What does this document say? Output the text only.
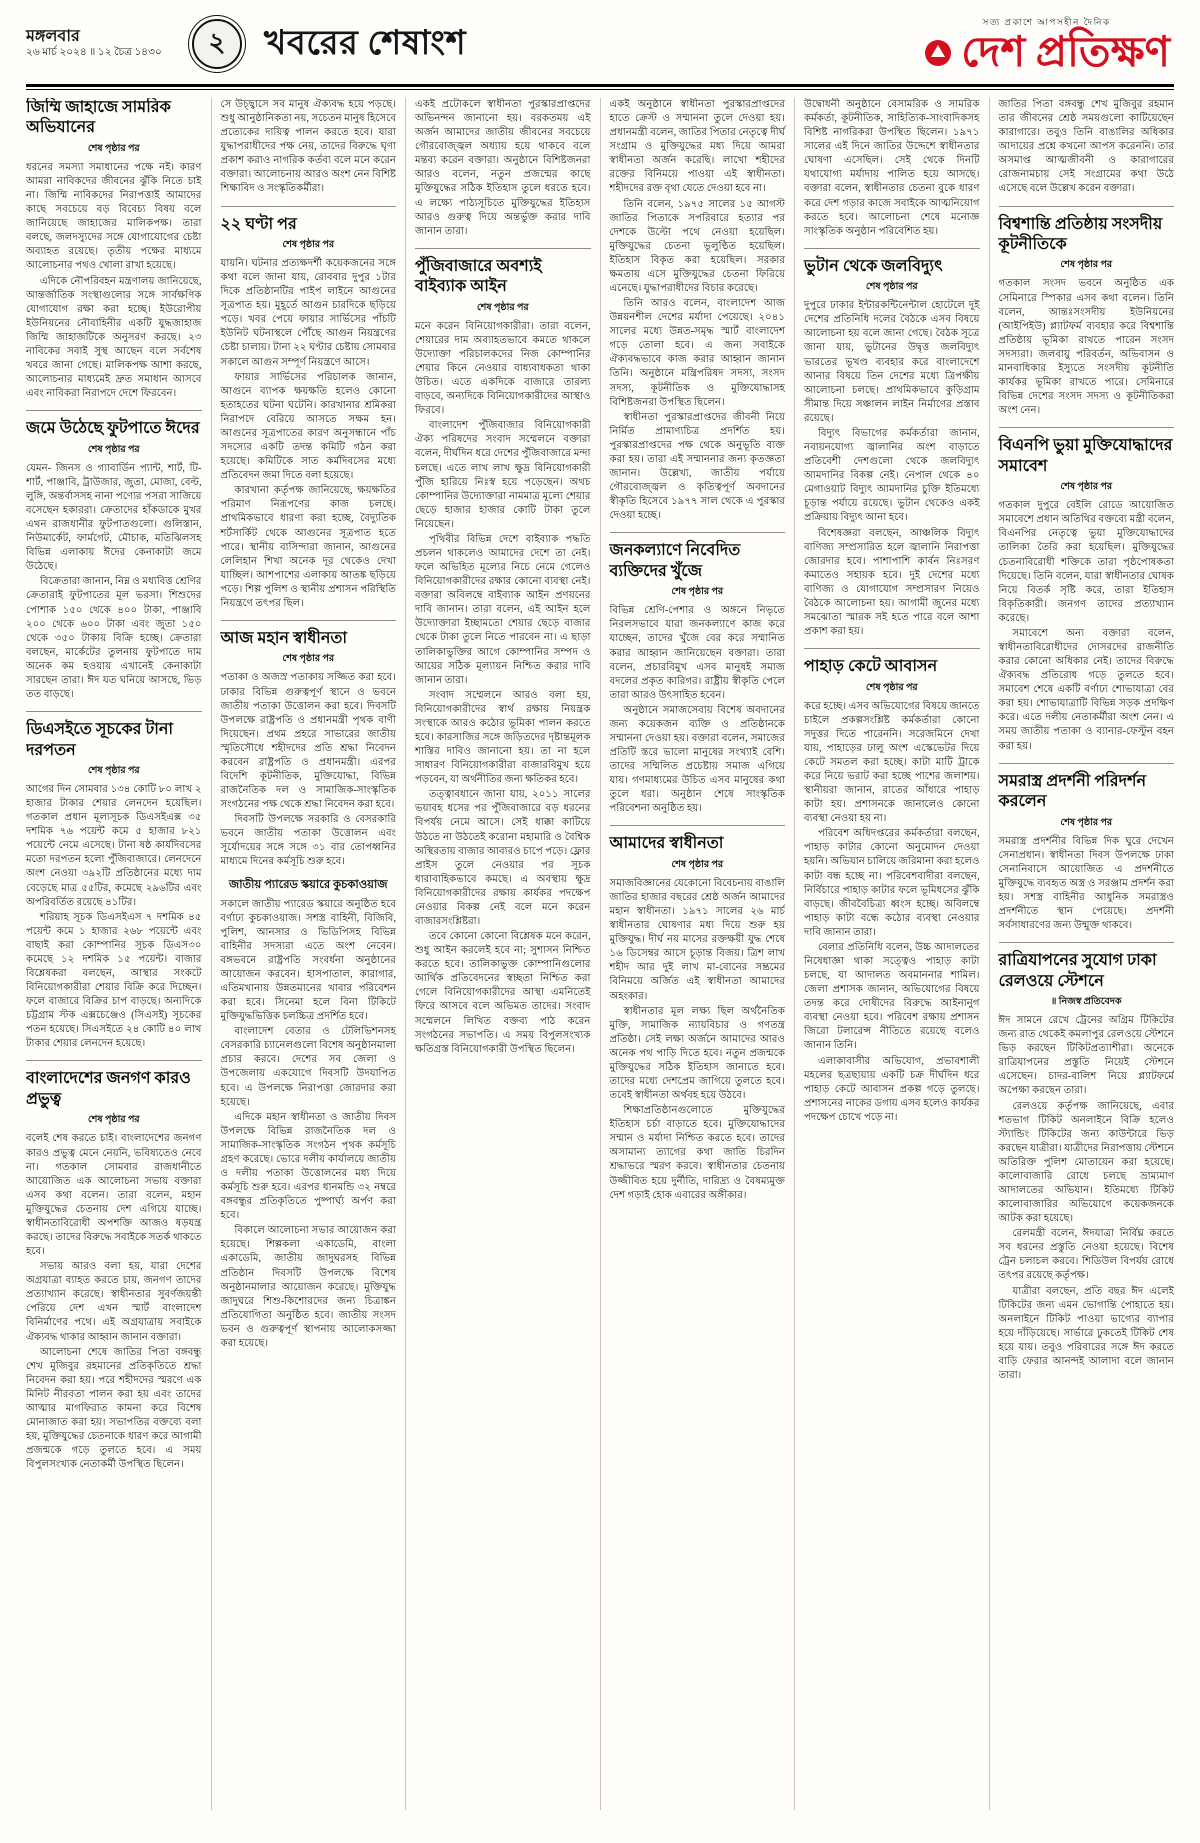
মঙ্গলবার
২৬ মার্চ ২০২৪ ॥ ১২ চৈত্র ১৪৩০	২ খবরের শেষাংশ
সত্য প্রকাশে আপসহীন দৈনিক
দেশ প্রতিক্ষণ
জিম্মি জাহাজে সামরিক অভিযানের
শেষ পৃষ্ঠার পর

ধরনের সমস্যা সমাধানের পক্ষে নই। কারণ আমরা নাবিকদের জীবনের ঝুঁকি নিতে চাই না। জিম্মি নাবিকদের নিরাপত্তাই আমাদের কাছে সবচেয়ে বড় বিবেচ্য বিষয় বলে জানিয়েছে জাহাজের মালিকপক্ষ। তারা বলছে, জলদস্যুদের সঙ্গে যোগাযোগের চেষ্টা অব্যাহত রয়েছে। তৃতীয় পক্ষের মাধ্যমে আলোচনার পথও খোলা রাখা হয়েছে।

এদিকে নৌপরিবহন মন্ত্রণালয় জানিয়েছে, আন্তর্জাতিক সংস্থাগুলোর সঙ্গে সার্বক্ষণিক যোগাযোগ রক্ষা করা হচ্ছে। ইউরোপীয় ইউনিয়নের নৌবাহিনীর একটি যুদ্ধজাহাজ জিম্মি জাহাজটিকে অনুসরণ করছে। ২৩ নাবিকের সবাই সুস্থ আছেন বলে সর্বশেষ খবরে জানা গেছে। মালিকপক্ষ আশা করছে, আলোচনার মাধ্যমেই দ্রুত সমাধান আসবে এবং নাবিকরা নিরাপদে দেশে ফিরবেন।

জমে উঠেছে ফুটপাতে ঈদের
শেষ পৃষ্ঠার পর

যেমন- জিনস ও গ্যাবার্ডিন প্যান্ট, শার্ট, টি-শার্ট, পাঞ্জাবি, ট্রাউজার, জুতা, মোজা, বেল্ট, লুঙ্গি, অন্তর্বাসসহ নানা পণ্যের পসরা সাজিয়ে বসেছেন হকাররা। ক্রেতাদের হাঁকডাকে মুখর এখন রাজধানীর ফুটপাতগুলো। গুলিস্তান, নিউমার্কেট, ফার্মগেট, মৌচাক, মতিঝিলসহ বিভিন্ন এলাকায় ঈদের কেনাকাটা জমে উঠেছে।

বিক্রেতারা জানান, নিম্ন ও মধ্যবিত্ত শ্রেণির ক্রেতারাই ফুটপাতের মূল ভরসা। শিশুদের পোশাক ১৫০ থেকে ৪০০ টাকা, পাঞ্জাবি ২০০ থেকে ৬০০ টাকা এবং জুতা ১৫০ থেকে ৩৫০ টাকায় বিক্রি হচ্ছে। ক্রেতারা বলছেন, মার্কেটের তুলনায় ফুটপাতে দাম অনেক কম হওয়ায় এখানেই কেনাকাটা সারছেন তারা। ঈদ যত ঘনিয়ে আসছে, ভিড় তত বাড়ছে।

ডিএসইতে সূচকের টানা দরপতন
শেষ পৃষ্ঠার পর

আগের দিন সোমবার ১৩৪ কোটি ৮০ লাখ ২ হাজার টাকার শেয়ার লেনদেন হয়েছিল। গতকাল প্রধান মূল্যসূচক ডিএসইএক্স ৩৫ দশমিক ৭৬ পয়েন্ট কমে ৫ হাজার ৮২১ পয়েন্টে নেমে এসেছে। টানা ষষ্ঠ কার্যদিবসের মতো দরপতন হলো পুঁজিবাজারে। লেনদেনে অংশ নেওয়া ৩৯২টি প্রতিষ্ঠানের মধ্যে দাম বেড়েছে মাত্র ৫৫টির, কমেছে ২৯৬টির এবং অপরিবর্তিত রয়েছে ৪১টির।

শরিয়াহ সূচক ডিএসইএস ৭ দশমিক ৪৫ পয়েন্ট কমে ১ হাজার ২৬৮ পয়েন্টে এবং বাছাই করা কোম্পানির সূচক ডিএস৩০ কমেছে ১২ দশমিক ১৫ পয়েন্ট। বাজার বিশ্লেষকরা বলছেন, আস্থার সংকটে বিনিয়োগকারীরা শেয়ার বিক্রি করে দিচ্ছেন। ফলে বাজারে বিক্রির চাপ বাড়ছে। অন্যদিকে চট্টগ্রাম স্টক এক্সচেঞ্জেও (সিএসই) সূচকের পতন হয়েছে। সিএসইতে ২৪ কোটি ৪০ লাখ টাকার শেয়ার লেনদেন হয়েছে।

বাংলাদেশের জনগণ কারও প্রভুত্ব
শেষ পৃষ্ঠার পর

বলেই শেষ করতে চাই। বাংলাদেশের জনগণ কারও প্রভুত্ব মেনে নেয়নি, ভবিষ্যতেও নেবে না। গতকাল সোমবার রাজধানীতে আয়োজিত এক আলোচনা সভায় বক্তারা এসব কথা বলেন। তারা বলেন, মহান মুক্তিযুদ্ধের চেতনায় দেশ এগিয়ে যাচ্ছে। স্বাধীনতাবিরোধী অপশক্তি আজও ষড়যন্ত্র করছে। তাদের বিরুদ্ধে সবাইকে সতর্ক থাকতে হবে।

সভায় আরও বলা হয়, যারা দেশের অগ্রযাত্রা ব্যাহত করতে চায়, জনগণ তাদের প্রত্যাখ্যান করেছে। স্বাধীনতার সুবর্ণজয়ন্তী পেরিয়ে দেশ এখন স্মার্ট বাংলাদেশ বিনির্মাণের পথে। এই অগ্রযাত্রায় সবাইকে ঐক্যবদ্ধ থাকার আহ্বান জানান বক্তারা।

আলোচনা শেষে জাতির পিতা বঙ্গবন্ধু শেখ মুজিবুর রহমানের প্রতিকৃতিতে শ্রদ্ধা নিবেদন করা হয়। পরে শহীদদের স্মরণে এক মিনিট নীরবতা পালন করা হয় এবং তাদের আত্মার মাগফিরাত কামনা করে বিশেষ মোনাজাত করা হয়। সভাপতির বক্তব্যে বলা হয়, মুক্তিযুদ্ধের চেতনাকে ধারণ করে আগামী প্রজন্মকে গড়ে তুলতে হবে। এ সময় বিপুলসংখ্যক নেতাকর্মী উপস্থিত ছিলেন।

সে উচ্ছ্বাসে সব মানুষ ঐক্যবদ্ধ হয়ে পড়ছে। শুধু আনুষ্ঠানিকতা নয়, সচেতন মানুষ হিসেবে প্রত্যেকের দায়িত্ব পালন করতে হবে। যারা যুদ্ধাপরাধীদের পক্ষ নেয়, তাদের বিরুদ্ধে ঘৃণা প্রকাশ করাও নাগরিক কর্তব্য বলে মনে করেন বক্তারা। আলোচনায় আরও অংশ নেন বিশিষ্ট শিক্ষাবিদ ও সংস্কৃতিকর্মীরা।

২২ ঘণ্টা পর
শেষ পৃষ্ঠার পর

যায়নি। ঘটনার প্রত্যক্ষদর্শী কয়েকজনের সঙ্গে কথা বলে জানা যায়, রোববার দুপুর ১টার দিকে প্রতিষ্ঠানটির পাইপ লাইনে আগুনের সূত্রপাত হয়। মুহূর্তে আগুন চারদিকে ছড়িয়ে পড়ে। খবর পেয়ে ফায়ার সার্ভিসের পাঁচটি ইউনিট ঘটনাস্থলে পৌঁছে আগুন নিয়ন্ত্রণের চেষ্টা চালায়। টানা ২২ ঘণ্টার চেষ্টায় সোমবার সকালে আগুন সম্পূর্ণ নিয়ন্ত্রণে আসে।

ফায়ার সার্ভিসের পরিচালক জানান, আগুনে ব্যাপক ক্ষয়ক্ষতি হলেও কোনো হতাহতের ঘটনা ঘটেনি। কারখানার শ্রমিকরা নিরাপদে বেরিয়ে আসতে সক্ষম হন। আগুনের সূত্রপাতের কারণ অনুসন্ধানে পাঁচ সদস্যের একটি তদন্ত কমিটি গঠন করা হয়েছে। কমিটিকে সাত কর্মদিবসের মধ্যে প্রতিবেদন জমা দিতে বলা হয়েছে।

কারখানা কর্তৃপক্ষ জানিয়েছে, ক্ষয়ক্ষতির পরিমাণ নিরূপণের কাজ চলছে। প্রাথমিকভাবে ধারণা করা হচ্ছে, বৈদ্যুতিক শর্টসার্কিট থেকে আগুনের সূত্রপাত হতে পারে। স্থানীয় বাসিন্দারা জানান, আগুনের লেলিহান শিখা অনেক দূর থেকেও দেখা যাচ্ছিল। আশপাশের এলাকায় আতঙ্ক ছড়িয়ে পড়ে। শিল্প পুলিশ ও স্থানীয় প্রশাসন পরিস্থিতি নিয়ন্ত্রণে তৎপর ছিল।

আজ মহান স্বাধীনতা
শেষ পৃষ্ঠার পর

পতাকা ও অজস্র পতাকায় সজ্জিত করা হবে। ঢাকার বিভিন্ন গুরুত্বপূর্ণ স্থানে ও ভবনে জাতীয় পতাকা উত্তোলন করা হবে। দিবসটি উপলক্ষে রাষ্ট্রপতি ও প্রধানমন্ত্রী পৃথক বাণী দিয়েছেন। প্রথম প্রহরে সাভারের জাতীয় স্মৃতিসৌধে শহীদদের প্রতি শ্রদ্ধা নিবেদন করবেন রাষ্ট্রপতি ও প্রধানমন্ত্রী। এরপর বিদেশি কূটনীতিক, মুক্তিযোদ্ধা, বিভিন্ন রাজনৈতিক দল ও সামাজিক-সাংস্কৃতিক সংগঠনের পক্ষ থেকে শ্রদ্ধা নিবেদন করা হবে।

দিবসটি উপলক্ষে সরকারি ও বেসরকারি ভবনে জাতীয় পতাকা উত্তোলন এবং সূর্যোদয়ের সঙ্গে সঙ্গে ৩১ বার তোপধ্বনির মাধ্যমে দিনের কর্মসূচি শুরু হবে।

জাতীয় প্যারেড স্কয়ারে কুচকাওয়াজ

সকালে জাতীয় প্যারেড স্কয়ারে অনুষ্ঠিত হবে বর্ণাঢ্য কুচকাওয়াজ। সশস্ত্র বাহিনী, বিজিবি, পুলিশ, আনসার ও ভিডিপিসহ বিভিন্ন বাহিনীর সদস্যরা এতে অংশ নেবেন। বঙ্গভবনে রাষ্ট্রপতি সংবর্ধনা অনুষ্ঠানের আয়োজন করবেন। হাসপাতাল, কারাগার, এতিমখানায় উন্নতমানের খাবার পরিবেশন করা হবে। সিনেমা হলে বিনা টিকিটে মুক্তিযুদ্ধভিত্তিক চলচ্চিত্র প্রদর্শিত হবে।

বাংলাদেশ বেতার ও টেলিভিশনসহ বেসরকারি চ্যানেলগুলো বিশেষ অনুষ্ঠানমালা প্রচার করবে। দেশের সব জেলা ও উপজেলায় একযোগে দিবসটি উদযাপিত হবে। এ উপলক্ষে নিরাপত্তা জোরদার করা হয়েছে।

এদিকে মহান স্বাধীনতা ও জাতীয় দিবস উপলক্ষে বিভিন্ন রাজনৈতিক দল ও সামাজিক-সাংস্কৃতিক সংগঠন পৃথক কর্মসূচি গ্রহণ করেছে। ভোরে দলীয় কার্যালয়ে জাতীয় ও দলীয় পতাকা উত্তোলনের মধ্য দিয়ে কর্মসূচি শুরু হবে। এরপর ধানমন্ডি ৩২ নম্বরে বঙ্গবন্ধুর প্রতিকৃতিতে পুষ্পার্ঘ্য অর্পণ করা হবে।

বিকালে আলোচনা সভার আয়োজন করা হয়েছে। শিল্পকলা একাডেমি, বাংলা একাডেমি, জাতীয় জাদুঘরসহ বিভিন্ন প্রতিষ্ঠান দিবসটি উপলক্ষে বিশেষ অনুষ্ঠানমালার আয়োজন করেছে। মুক্তিযুদ্ধ জাদুঘরে শিশু-কিশোরদের জন্য চিত্রাঙ্কন প্রতিযোগিতা অনুষ্ঠিত হবে। জাতীয় সংসদ ভবন ও গুরুত্বপূর্ণ স্থাপনায় আলোকসজ্জা করা হয়েছে।

একই প্রটোকলে স্বাধীনতা পুরস্কারপ্রাপ্তদের অভিনন্দন জানানো হয়। বরকতময় এই অর্জন আমাদের জাতীয় জীবনের সবচেয়ে গৌরবোজ্জ্বল অধ্যায় হয়ে থাকবে বলে মন্তব্য করেন বক্তারা। অনুষ্ঠানে বিশিষ্টজনরা আরও বলেন, নতুন প্রজন্মের কাছে মুক্তিযুদ্ধের সঠিক ইতিহাস তুলে ধরতে হবে। এ লক্ষ্যে পাঠ্যসূচিতে মুক্তিযুদ্ধের ইতিহাস আরও গুরুত্ব দিয়ে অন্তর্ভুক্ত করার দাবি জানান তারা।

পুঁজিবাজারে অবশ্যই বাইব্যাক আইন
শেষ পৃষ্ঠার পর

মনে করেন বিনিয়োগকারীরা। তারা বলেন, শেয়ারের দাম অব্যাহতভাবে কমতে থাকলে উদ্যোক্তা পরিচালকদের নিজ কোম্পানির শেয়ার কিনে নেওয়ার বাধ্যবাধকতা থাকা উচিত। এতে একদিকে বাজারে তারল্য বাড়বে, অন্যদিকে বিনিয়োগকারীদের আস্থাও ফিরবে।

বাংলাদেশ পুঁজিবাজার বিনিয়োগকারী ঐক্য পরিষদের সংবাদ সম্মেলনে বক্তারা বলেন, দীর্ঘদিন ধরে দেশের পুঁজিবাজারে মন্দা চলছে। এতে লাখ লাখ ক্ষুদ্র বিনিয়োগকারী পুঁজি হারিয়ে নিঃস্ব হয়ে পড়েছেন। অথচ কোম্পানির উদ্যোক্তারা নামমাত্র মূল্যে শেয়ার ছেড়ে হাজার হাজার কোটি টাকা তুলে নিয়েছেন।

পৃথিবীর বিভিন্ন দেশে বাইব্যাক পদ্ধতি প্রচলন থাকলেও আমাদের দেশে তা নেই। ফলে অভিহিত মূল্যের নিচে নেমে গেলেও বিনিয়োগকারীদের রক্ষার কোনো ব্যবস্থা নেই। বক্তারা অবিলম্বে বাইব্যাক আইন প্রণয়নের দাবি জানান। তারা বলেন, এই আইন হলে উদ্যোক্তারা ইচ্ছামতো শেয়ার ছেড়ে বাজার থেকে টাকা তুলে নিতে পারবেন না। এ ছাড়া তালিকাভুক্তির আগে কোম্পানির সম্পদ ও আয়ের সঠিক মূল্যায়ন নিশ্চিত করার দাবি জানান তারা।

সংবাদ সম্মেলনে আরও বলা হয়, বিনিয়োগকারীদের স্বার্থ রক্ষায় নিয়ন্ত্রক সংস্থাকে আরও কঠোর ভূমিকা পালন করতে হবে। কারসাজির সঙ্গে জড়িতদের দৃষ্টান্তমূলক শাস্তির দাবিও জানানো হয়। তা না হলে সাধারণ বিনিয়োগকারীরা বাজারবিমুখ হয়ে পড়বেন, যা অর্থনীতির জন্য ক্ষতিকর হবে।

তত্ত্বাবধানে জানা যায়, ২০১১ সালের ভয়াবহ ধসের পর পুঁজিবাজারে বড় ধরনের বিপর্যয় নেমে আসে। সেই ধাক্কা কাটিয়ে উঠতে না উঠতেই করোনা মহামারি ও বৈশ্বিক অস্থিরতায় বাজার আবারও চাপে পড়ে। ফ্লোর প্রাইস তুলে নেওয়ার পর সূচক ধারাবাহিকভাবে কমছে। এ অবস্থায় ক্ষুদ্র বিনিয়োগকারীদের রক্ষায় কার্যকর পদক্ষেপ নেওয়ার বিকল্প নেই বলে মনে করেন বাজারসংশ্লিষ্টরা।

তবে কোনো কোনো বিশ্লেষক মনে করেন, শুধু আইন করলেই হবে না; সুশাসন নিশ্চিত করতে হবে। তালিকাভুক্ত কোম্পানিগুলোর আর্থিক প্রতিবেদনের স্বচ্ছতা নিশ্চিত করা গেলে বিনিয়োগকারীদের আস্থা এমনিতেই ফিরে আসবে বলে অভিমত তাদের। সংবাদ সম্মেলনে লিখিত বক্তব্য পাঠ করেন সংগঠনের সভাপতি। এ সময় বিপুলসংখ্যক ক্ষতিগ্রস্ত বিনিয়োগকারী উপস্থিত ছিলেন।

একই অনুষ্ঠানে স্বাধীনতা পুরস্কারপ্রাপ্তদের হাতে ক্রেস্ট ও সম্মাননা তুলে দেওয়া হয়। প্রধানমন্ত্রী বলেন, জাতির পিতার নেতৃত্বে দীর্ঘ সংগ্রাম ও মুক্তিযুদ্ধের মধ্য দিয়ে আমরা স্বাধীনতা অর্জন করেছি। লাখো শহীদের রক্তের বিনিময়ে পাওয়া এই স্বাধীনতা। শহীদদের রক্ত বৃথা যেতে দেওয়া হবে না।

তিনি বলেন, ১৯৭৫ সালের ১৫ আগস্ট জাতির পিতাকে সপরিবারে হত্যার পর দেশকে উল্টো পথে নেওয়া হয়েছিল। মুক্তিযুদ্ধের চেতনা ভূলুণ্ঠিত হয়েছিল। ইতিহাস বিকৃত করা হয়েছিল। সরকার ক্ষমতায় এসে মুক্তিযুদ্ধের চেতনা ফিরিয়ে এনেছে। যুদ্ধাপরাধীদের বিচার করেছে।

তিনি আরও বলেন, বাংলাদেশ আজ উন্নয়নশীল দেশের মর্যাদা পেয়েছে। ২০৪১ সালের মধ্যে উন্নত-সমৃদ্ধ স্মার্ট বাংলাদেশ গড়ে তোলা হবে। এ জন্য সবাইকে ঐক্যবদ্ধভাবে কাজ করার আহ্বান জানান তিনি। অনুষ্ঠানে মন্ত্রিপরিষদ সদস্য, সংসদ সদস্য, কূটনীতিক ও মুক্তিযোদ্ধাসহ বিশিষ্টজনরা উপস্থিত ছিলেন।

স্বাধীনতা পুরস্কারপ্রাপ্তদের জীবনী নিয়ে নির্মিত প্রামাণ্যচিত্র প্রদর্শিত হয়। পুরস্কারপ্রাপ্তদের পক্ষ থেকে অনুভূতি ব্যক্ত করা হয়। তারা এই সম্মাননার জন্য কৃতজ্ঞতা জানান। উল্লেখ্য, জাতীয় পর্যায়ে গৌরবোজ্জ্বল ও কৃতিত্বপূর্ণ অবদানের স্বীকৃতি হিসেবে ১৯৭৭ সাল থেকে এ পুরস্কার দেওয়া হচ্ছে।

জনকল্যাণে নিবেদিত ব্যক্তিদের খুঁজে
শেষ পৃষ্ঠার পর

বিভিন্ন শ্রেণি-পেশার ও অঙ্গনে নিভৃতে নিরলসভাবে যারা জনকল্যাণে কাজ করে যাচ্ছেন, তাদের খুঁজে বের করে সম্মানিত করার আহ্বান জানিয়েছেন বক্তারা। তারা বলেন, প্রচারবিমুখ এসব মানুষই সমাজ বদলের প্রকৃত কারিগর। রাষ্ট্রীয় স্বীকৃতি পেলে তারা আরও উৎসাহিত হবেন।

অনুষ্ঠানে সমাজসেবায় বিশেষ অবদানের জন্য কয়েকজন ব্যক্তি ও প্রতিষ্ঠানকে সম্মাননা দেওয়া হয়। বক্তারা বলেন, সমাজের প্রতিটি স্তরে ভালো মানুষের সংখ্যাই বেশি। তাদের সম্মিলিত প্রচেষ্টায় সমাজ এগিয়ে যায়। গণমাধ্যমের উচিত এসব মানুষের কথা তুলে ধরা। অনুষ্ঠান শেষে সাংস্কৃতিক পরিবেশনা অনুষ্ঠিত হয়।

আমাদের স্বাধীনতা
শেষ পৃষ্ঠার পর

সমাজবিজ্ঞানের যেকোনো বিবেচনায় বাঙালি জাতির হাজার বছরের শ্রেষ্ঠ অর্জন আমাদের মহান স্বাধীনতা। ১৯৭১ সালের ২৬ মার্চ স্বাধীনতার ঘোষণার মধ্য দিয়ে শুরু হয় মুক্তিযুদ্ধ। দীর্ঘ নয় মাসের রক্তক্ষয়ী যুদ্ধ শেষে ১৬ ডিসেম্বর আসে চূড়ান্ত বিজয়। ত্রিশ লাখ শহীদ আর দুই লাখ মা-বোনের সম্ভ্রমের বিনিময়ে অর্জিত এই স্বাধীনতা আমাদের অহংকার।

স্বাধীনতার মূল লক্ষ্য ছিল অর্থনৈতিক মুক্তি, সামাজিক ন্যায়বিচার ও গণতন্ত্র প্রতিষ্ঠা। সেই লক্ষ্য অর্জনে আমাদের আরও অনেক পথ পাড়ি দিতে হবে। নতুন প্রজন্মকে মুক্তিযুদ্ধের সঠিক ইতিহাস জানাতে হবে। তাদের মধ্যে দেশপ্রেম জাগিয়ে তুলতে হবে। তবেই স্বাধীনতা অর্থবহ হয়ে উঠবে।

শিক্ষাপ্রতিষ্ঠানগুলোতে মুক্তিযুদ্ধের ইতিহাস চর্চা বাড়াতে হবে। মুক্তিযোদ্ধাদের সম্মান ও মর্যাদা নিশ্চিত করতে হবে। তাদের অসামান্য ত্যাগের কথা জাতি চিরদিন শ্রদ্ধাভরে স্মরণ করবে। স্বাধীনতার চেতনায় উজ্জীবিত হয়ে দুর্নীতি, দারিদ্র্য ও বৈষম্যমুক্ত দেশ গড়াই হোক এবারের অঙ্গীকার।

উদ্বোধনী অনুষ্ঠানে বেসামরিক ও সামরিক কর্মকর্তা, কূটনীতিক, সাহিত্যিক-সাংবাদিকসহ বিশিষ্ট নাগরিকরা উপস্থিত ছিলেন। ১৯৭১ সালের এই দিনে জাতির উদ্দেশে স্বাধীনতার ঘোষণা এসেছিল। সেই থেকে দিনটি যথাযোগ্য মর্যাদায় পালিত হয়ে আসছে। বক্তারা বলেন, স্বাধীনতার চেতনা বুকে ধারণ করে দেশ গড়ার কাজে সবাইকে আত্মনিয়োগ করতে হবে। আলোচনা শেষে মনোজ্ঞ সাংস্কৃতিক অনুষ্ঠান পরিবেশিত হয়।

ভুটান থেকে জলবিদ্যুৎ
শেষ পৃষ্ঠার পর

দুপুরে ঢাকার ইন্টারকন্টিনেন্টাল হোটেলে দুই দেশের প্রতিনিধি দলের বৈঠকে এসব বিষয়ে আলোচনা হয় বলে জানা গেছে। বৈঠক সূত্রে জানা যায়, ভুটানের উদ্বৃত্ত জলবিদ্যুৎ ভারতের ভূখণ্ড ব্যবহার করে বাংলাদেশে আনার বিষয়ে তিন দেশের মধ্যে ত্রিপক্ষীয় আলোচনা চলছে। প্রাথমিকভাবে কুড়িগ্রাম সীমান্ত দিয়ে সঞ্চালন লাইন নির্মাণের প্রস্তাব রয়েছে।

বিদ্যুৎ বিভাগের কর্মকর্তারা জানান, নবায়নযোগ্য জ্বালানির অংশ বাড়াতে প্রতিবেশী দেশগুলো থেকে জলবিদ্যুৎ আমদানির বিকল্প নেই। নেপাল থেকে ৪০ মেগাওয়াট বিদ্যুৎ আমদানির চুক্তি ইতিমধ্যে চূড়ান্ত পর্যায়ে রয়েছে। ভুটান থেকেও একই প্রক্রিয়ায় বিদ্যুৎ আনা হবে।

বিশেষজ্ঞরা বলছেন, আঞ্চলিক বিদ্যুৎ বাণিজ্য সম্প্রসারিত হলে জ্বালানি নিরাপত্তা জোরদার হবে। পাশাপাশি কার্বন নিঃসরণ কমাতেও সহায়ক হবে। দুই দেশের মধ্যে বাণিজ্য ও যোগাযোগ সম্প্রসারণ নিয়েও বৈঠকে আলোচনা হয়। আগামী জুনের মধ্যে সমঝোতা স্মারক সই হতে পারে বলে আশা প্রকাশ করা হয়।

পাহাড় কেটে আবাসন
শেষ পৃষ্ঠার পর

করে হচ্ছে। এসব অভিযোগের বিষয়ে জানতে চাইলে প্রকল্পসংশ্লিষ্ট কর্মকর্তারা কোনো সদুত্তর দিতে পারেননি। সরেজমিনে দেখা যায়, পাহাড়ের ঢালু অংশ এস্কেভেটর দিয়ে কেটে সমতল করা হচ্ছে। কাটা মাটি ট্রাকে করে নিয়ে ভরাট করা হচ্ছে পাশের জলাশয়। স্থানীয়রা জানান, রাতের আঁধারে পাহাড় কাটা হয়। প্রশাসনকে জানালেও কোনো ব্যবস্থা নেওয়া হয় না।

পরিবেশ অধিদপ্তরের কর্মকর্তারা বলছেন, পাহাড় কাটার কোনো অনুমোদন দেওয়া হয়নি। অভিযান চালিয়ে জরিমানা করা হলেও কাটা বন্ধ হচ্ছে না। পরিবেশবাদীরা বলছেন, নির্বিচারে পাহাড় কাটার ফলে ভূমিধসের ঝুঁকি বাড়ছে। জীববৈচিত্র্য ধ্বংস হচ্ছে। অবিলম্বে পাহাড় কাটা বন্ধে কঠোর ব্যবস্থা নেওয়ার দাবি জানান তারা।

বেলার প্রতিনিধি বলেন, উচ্চ আদালতের নিষেধাজ্ঞা থাকা সত্ত্বেও পাহাড় কাটা চলছে, যা আদালত অবমাননার শামিল। জেলা প্রশাসক জানান, অভিযোগের বিষয়ে তদন্ত করে দোষীদের বিরুদ্ধে আইনানুগ ব্যবস্থা নেওয়া হবে। পরিবেশ রক্ষায় প্রশাসন জিরো টলারেন্স নীতিতে রয়েছে বলেও জানান তিনি।

এলাকাবাসীর অভিযোগ, প্রভাবশালী মহলের ছত্রছায়ায় একটি চক্র দীর্ঘদিন ধরে পাহাড় কেটে আবাসন প্রকল্প গড়ে তুলছে। প্রশাসনের নাকের ডগায় এসব হলেও কার্যকর পদক্ষেপ চোখে পড়ে না।

জাতির পিতা বঙ্গবন্ধু শেখ মুজিবুর রহমান তার জীবনের শ্রেষ্ঠ সময়গুলো কাটিয়েছেন কারাগারে। তবুও তিনি বাঙালির অধিকার আদায়ের প্রশ্নে কখনো আপস করেননি। তার অসমাপ্ত আত্মজীবনী ও কারাগারের রোজনামচায় সেই সংগ্রামের কথা উঠে এসেছে বলে উল্লেখ করেন বক্তারা।

বিশ্বশান্তি প্রতিষ্ঠায় সংসদীয় কূটনীতিকে
শেষ পৃষ্ঠার পর

গতকাল সংসদ ভবনে অনুষ্ঠিত এক সেমিনারে স্পিকার এসব কথা বলেন। তিনি বলেন, আন্তঃসংসদীয় ইউনিয়নের (আইপিইউ) প্ল্যাটফর্ম ব্যবহার করে বিশ্বশান্তি প্রতিষ্ঠায় ভূমিকা রাখতে পারেন সংসদ সদস্যরা। জলবায়ু পরিবর্তন, অভিবাসন ও মানবাধিকার ইস্যুতে সংসদীয় কূটনীতি কার্যকর ভূমিকা রাখতে পারে। সেমিনারে বিভিন্ন দেশের সংসদ সদস্য ও কূটনীতিকরা অংশ নেন।

বিএনপি ভুয়া মুক্তিযোদ্ধাদের সমাবেশ
শেষ পৃষ্ঠার পর

গতকাল দুপুরে বেইলি রোডে আয়োজিত সমাবেশে প্রধান অতিথির বক্তব্যে মন্ত্রী বলেন, বিএনপির নেতৃত্বে ভুয়া মুক্তিযোদ্ধাদের তালিকা তৈরি করা হয়েছিল। মুক্তিযুদ্ধের চেতনাবিরোধী শক্তিকে তারা পৃষ্ঠপোষকতা দিয়েছে। তিনি বলেন, যারা স্বাধীনতার ঘোষক নিয়ে বিতর্ক সৃষ্টি করে, তারা ইতিহাস বিকৃতিকারী। জনগণ তাদের প্রত্যাখ্যান করেছে।

সমাবেশে অন্য বক্তারা বলেন, স্বাধীনতাবিরোধীদের দোসরদের রাজনীতি করার কোনো অধিকার নেই। তাদের বিরুদ্ধে ঐক্যবদ্ধ প্রতিরোধ গড়ে তুলতে হবে। সমাবেশ শেষে একটি বর্ণাঢ্য শোভাযাত্রা বের করা হয়। শোভাযাত্রাটি বিভিন্ন সড়ক প্রদক্ষিণ করে। এতে দলীয় নেতাকর্মীরা অংশ নেন। এ সময় জাতীয় পতাকা ও ব্যানার-ফেস্টুন বহন করা হয়।

সমরাস্ত্র প্রদর্শনী পরিদর্শন করলেন
শেষ পৃষ্ঠার পর

সমরাস্ত্র প্রদর্শনীর বিভিন্ন দিক ঘুরে দেখেন সেনাপ্রধান। স্বাধীনতা দিবস উপলক্ষে ঢাকা সেনানিবাসে আয়োজিত এ প্রদর্শনীতে মুক্তিযুদ্ধে ব্যবহৃত অস্ত্র ও সরঞ্জাম প্রদর্শন করা হয়। সশস্ত্র বাহিনীর আধুনিক সমরাস্ত্রও প্রদর্শনীতে স্থান পেয়েছে। প্রদর্শনী সর্বসাধারণের জন্য উন্মুক্ত থাকবে।

রাত্রিযাপনের সুযোগ ঢাকা রেলওয়ে স্টেশনে
॥ নিজস্ব প্রতিবেদক

ঈদ সামনে রেখে ট্রেনের অগ্রিম টিকিটের জন্য রাত থেকেই কমলাপুর রেলওয়ে স্টেশনে ভিড় করছেন টিকিটপ্রত্যাশীরা। অনেকে রাত্রিযাপনের প্রস্তুতি নিয়েই স্টেশনে এসেছেন। চাদর-বালিশ নিয়ে প্ল্যাটফর্মে অপেক্ষা করছেন তারা।

রেলওয়ে কর্তৃপক্ষ জানিয়েছে, এবার শতভাগ টিকিট অনলাইনে বিক্রি হলেও স্ট্যান্ডিং টিকিটের জন্য কাউন্টারে ভিড় করছেন যাত্রীরা। যাত্রীদের নিরাপত্তায় স্টেশনে অতিরিক্ত পুলিশ মোতায়েন করা হয়েছে। কালোবাজারি রোধে চলছে ভ্রাম্যমাণ আদালতের অভিযান। ইতিমধ্যে টিকিট কালোবাজারির অভিযোগে কয়েকজনকে আটক করা হয়েছে।

রেলমন্ত্রী বলেন, ঈদযাত্রা নির্বিঘ্ন করতে সব ধরনের প্রস্তুতি নেওয়া হয়েছে। বিশেষ ট্রেন চলাচল করবে। শিডিউল বিপর্যয় রোধে তৎপর রয়েছে কর্তৃপক্ষ।

যাত্রীরা বলছেন, প্রতি বছর ঈদ এলেই টিকিটের জন্য এমন ভোগান্তি পোহাতে হয়। অনলাইনে টিকিট পাওয়া ভাগ্যের ব্যাপার হয়ে দাঁড়িয়েছে। সার্ভারে ঢুকতেই টিকিট শেষ হয়ে যায়। তবুও পরিবারের সঙ্গে ঈদ করতে বাড়ি ফেরার আনন্দই আলাদা বলে জানান তারা।
